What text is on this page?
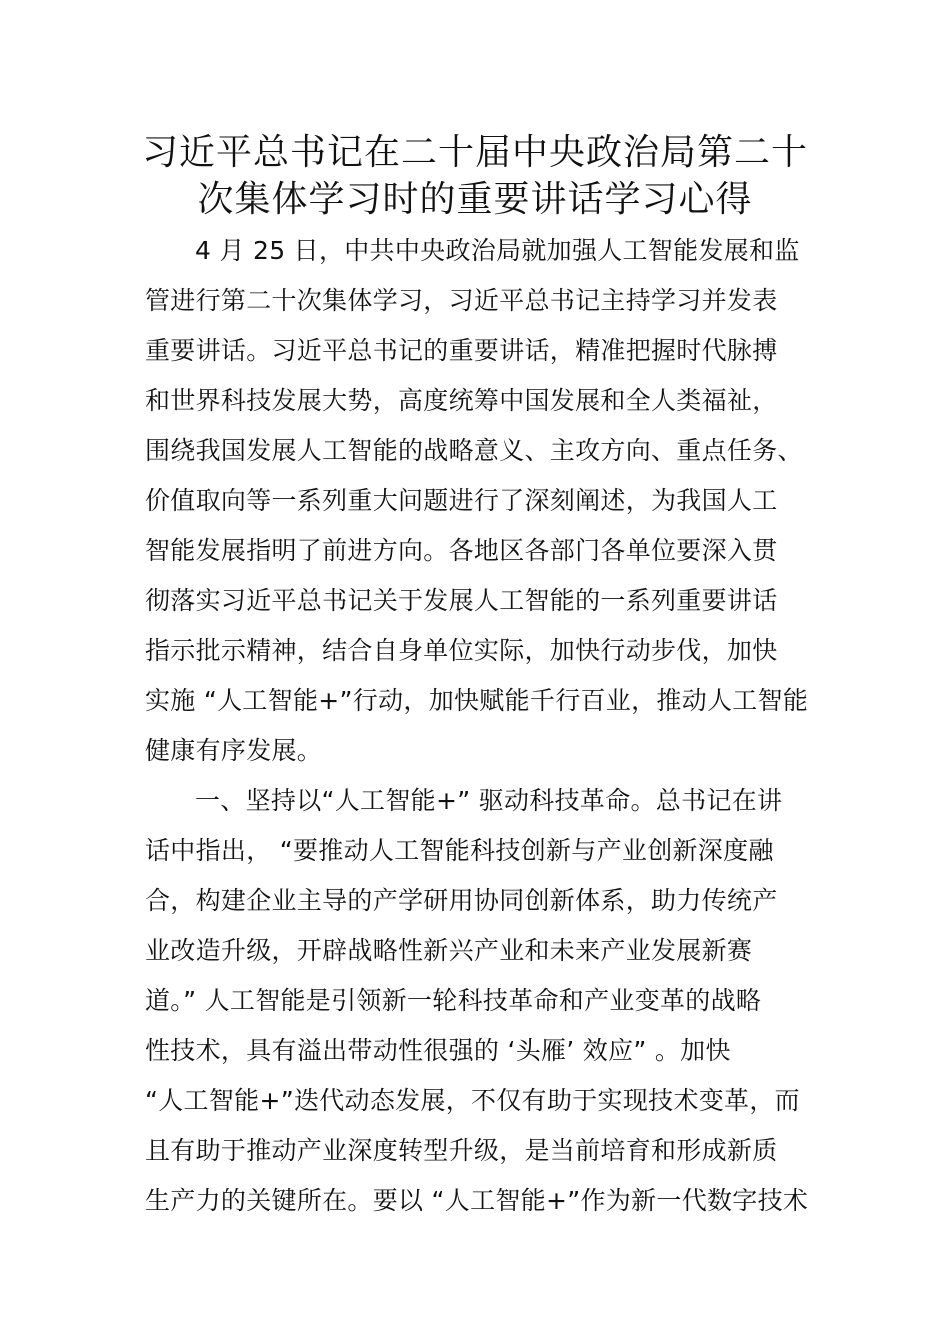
习近平总书记在二十届中央政治局第二十
次集体学习时的重要讲话学习心得
4 月 25 日，中共中央政治局就加强人工智能发展和监
管进行第二十次集体学习，习近平总书记主持学习并发表
重要讲话。习近平总书记的重要讲话，精准把握时代脉搏
和世界科技发展大势，高度统筹中国发展和全人类福祉，
围绕我国发展人工智能的战略意义、主攻方向、重点任务、
价值取向等一系列重大问题进行了深刻阐述，为我国人工
智能发展指明了前进方向。各地区各部门各单位要深入贯
彻落实习近平总书记关于发展人工智能的一系列重要讲话
指示批示精神，结合自身单位实际，加快行动步伐，加快
实施 “人工智能+”行动，加快赋能千行百业，推动人工智能
健康有序发展。
一、坚持以“人工智能+” 驱动科技革命。总书记在讲
话中指出， “要推动人工智能科技创新与产业创新深度融
合，构建企业主导的产学研用协同创新体系，助力传统产
业改造升级，开辟战略性新兴产业和未来产业发展新赛
道。” 人工智能是引领新一轮科技革命和产业变革的战略
性技术，具有溢出带动性很强的 ‘头雁’ 效应” 。加快
“人工智能+”迭代动态发展，不仅有助于实现技术变革，而
且有助于推动产业深度转型升级，是当前培育和形成新质
生产力的关键所在。要以 “人工智能+”作为新一代数字技术
